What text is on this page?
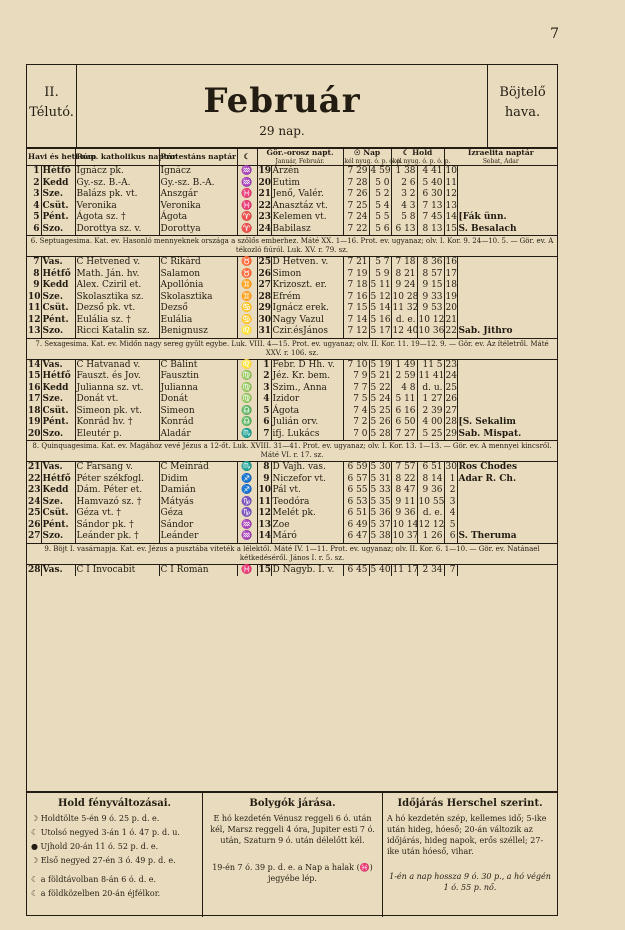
7
II.
Télutó.	Február
29 nap.
Böjtelő
hava.
Havi és heti nap		Róm. katholikus naptár	Protestáns naptár	☾	Gör.-orosz napt.
Január, Február.		☉ Nap
kél nyug. ó. p. ó. p.		☾ Hold
kél nyug. ó. p. ó. p.		Izraelita naptár
Sebat, Adar	

1	Hétfő	Ignácz pk.	Ignácz	♒	19	Arzén	7 29	4 59	1 38	4 41	10	
2	Kedd	Gy.-sz. B.-A.	Gy.-sz. B.-A.	♒	20	Eutim	7 28	5 0	2 6	5 40	11	
3	Sze.	Balázs pk. vt.	Anszgár	♓	21	Jenő, Valér.	7 26	5 2	3 2	6 30	12	
4	Csüt.	Veronika	Veronika	♓	22	Anasztáz vt.	7 25	5 4	4 3	7 13	13	
5	Pént.	Ágota sz. †	Ágota	♈	23	Kelemen vt.	7 24	5 5	5 8	7 45	14	[Fák ünn.
6	Szo.	Dorottya sz. v.	Dorottya	♈	24	Babilasz	7 22	5 6	6 13	8 13	15	S. Besalach
6. Septuagesima. Kat. ev. Hasonló mennyeknek országa a szőlős emberhez. Máté XX. 1—16. Prot. ev. ugyanaz; olv. I. Kor. 9. 24—10. 5. — Gör. ev. A tékozló fiúról. Luk. XV. r. 79. sz.												
7	Vas.	C Hetvened v.	C Rikárd	♉	25	D Hetven. v.	7 21	5 7	7 18	8 36	16	
8	Hétfő	Math. Ján. hv.	Salamon	♉	26	Simon	7 19	5 9	8 21	8 57	17	
9	Kedd	Alex. Cziril et.	Apollónia	♊	27	Krizoszt. er.	7 18	5 11	9 24	9 15	18	
10	Sze.	Skolasztika sz.	Skolasztika	♊	28	Efrém	7 16	5 12	10 28	9 33	19	
11	Csüt.	Dezső pk. vt.	Dezső	♋	29	Ignácz erek.	7 15	5 14	11 32	9 53	20	
12	Pént.	Eulália sz. †	Eulália	♋	30	Nagy Vazul	7 14	5 16	d. e.	10 12	21	
13	Szo.	Ricci Katalin sz.	Benignusz	♌	31	Czir.ésJános	7 12	5 17	12 40	10 36	22	Sab. Jithro
7. Sexagesima. Kat. ev. Midőn nagy sereg gyűlt egybe. Luk. VIII. 4—15. Prot. ev. ugyanaz; olv. II. Kor. 11. 19—12. 9. — Gör. ev. Az ítéletről. Máté XXV. r. 106. sz.												
14	Vas.	C Hatvanad v.	C Bálint	♌	1	Febr. D Hh. v.	7 10	5 19	1 49	11 5	23	
15	Hétfő	Fauszt. és Jov.	Fausztin	♍	2	Jéz. Kr. bem.	7 9	5 21	2 59	11 41	24	
16	Kedd	Julianna sz. vt.	Julianna	♍	3	Szim., Anna	7 7	5 22	4 8	d. u.	25	
17	Sze.	Donát vt.	Donát	♍	4	Izidor	7 5	5 24	5 11	1 27	26	
18	Csüt.	Simeon pk. vt.	Simeon	♎	5	Ágota	7 4	5 25	6 16	2 39	27	
19	Pént.	Konrád hv. †	Konrád	♎	6	Julián orv.	7 2	5 26	6 50	4 00	28	[S. Sekalim
20	Szo.	Eleutér p.	Aladár	♏	7	ifj. Lukács	7 0	5 28	7 27	5 25	29	Sab. Mispat.
8. Quinquagesima. Kat. ev. Magához vevé Jézus a 12-őt. Luk. XVIII. 31—41. Prot. ev. ugyanaz; olv. I. Kor. 13. 1—13. — Gör. ev. A mennyei kincsről. Máté VI. r. 17. sz.												
21	Vas.	C Farsang v.	C Meinrád	♏	8	D Vajh. vas.	6 59	5 30	7 57	6 51	30	Ros Chodes
22	Hétfő	Péter székfogl.	Didim	♐	9	Niczefor vt.	6 57	5 31	8 22	8 14	1	Adar R. Ch.
23	Kedd	Dám. Péter et.	Damián	♐	10	Pál vt.	6 55	5 33	8 47	9 36	2	
24	Sze.	Hamvazó sz. †	Mátyás	♑	11	Teodóra	6 53	5 35	9 11	10 55	3	
25	Csüt.	Géza vt. †	Géza	♑	12	Melét pk.	6 51	5 36	9 36	d. e.	4	
26	Pént.	Sándor pk. †	Sándor	♒	13	Zoe	6 49	5 37	10 14	12 12	5	
27	Szo.	Leánder pk. †	Leánder	♒	14	Máró	6 47	5 38	10 37	1 26	6	S. Theruma
9. Böjt I. vasárnapja. Kat. ev. Jézus a pusztába viteték a lélektől. Máté IV. 1—11. Prot. ev. ugyanaz; olv. II. Kor. 6. 1—10. — Gör. ev. Natánael kétkedéséről. János I. r. 5. sz.												
28	Vas.	C I Invocabit	C I Román	♓	15	D Nagyb. I. v.	6 45	5 40	11 17	2 34	7	
Hold fényváltozásai.

☽ Holdtölte 5-én 9 ó. 25 p. d. e.

☾ Utolsó negyed 3-án 1 ó. 47 p. d. u.

● Ujhold 20-án 11 ó. 52 p. d. e.

☽ Első negyed 27-én 3 ó. 49 p. d. e.

☾ a földtávolban 8-án 6 ó. d. e.

☾ a földközelben 20-án éjfélkor.

Bolygók járása.

E hó kezdetén Vénusz reggeli 6 ó. után kél, Marsz reggeli 4 óra, Jupiter esti 7 ó. után, Szaturn 9 ó. után délelőtt kél.

19-én 7 ó. 39 p. d. e. a Nap a halak (♓) jegyébe lép.

Időjárás Herschel szerint.

A hó kezdetén szép, kellemes idő; 5-ike után hideg, hóeső; 20-án változik az időjárás, hideg napok, erős széllel; 27-ike után hóeső, vihar.

1-én a nap hossza 9 ó. 30 p., a hó végén 1 ó. 55 p. nő.
